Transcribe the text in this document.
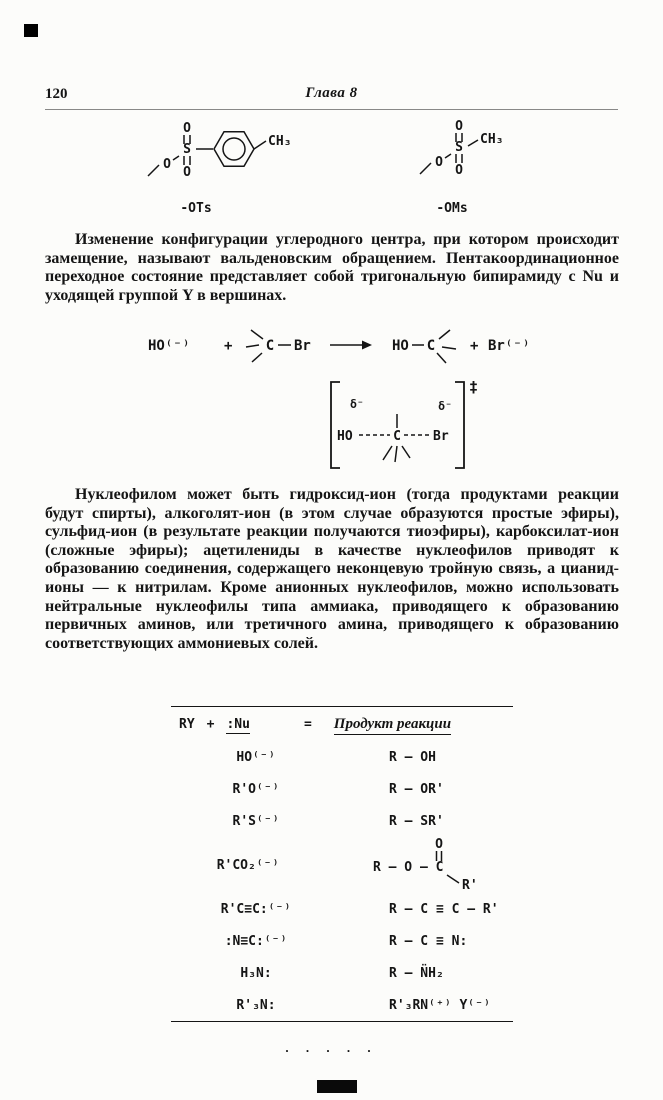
120	Глава 8
O
S
O
O
CH₃
-OTs
O
S
O
O
CH₃
-OMs

Изменение конфигурации углеродного центра, при котором происходит замещение, называют вальденовским обращением. Пентакоординационное переходное состояние представляет собой тригональную бипирамиду с Nu и уходящей группой Y в вершинах.

HO⁽⁻⁾ + C Br	HO C + Br⁽⁻⁾
‡
δ⁻	δ⁻
HO	C Br

Нуклеофилом может быть гидроксид-ион (тогда продуктами реакции будут спирты), алкоголят-ион (в этом случае образуются простые эфиры), сульфид-ион (в результате реакции получаются тиоэфиры), карбоксилат-ион (сложные эфиры); ацетилениды в качестве нуклеофилов приводят к образованию соединения, содержащего неконцевую тройную связь, а цианид-ионы — к нитрилам. Кроме анионных нуклеофилов, можно использовать нейтральные нуклеофилы типа аммиака, приводящего к образованию первичных аминов, или третичного амина, приводящего к образованию соответствующих аммониевых солей.

RY + :Nu	= Продукт реакции
HO⁽⁻⁾	R — OH
R'O⁽⁻⁾	R — OR'
R'S⁽⁻⁾	R — SR'
R'CO₂⁽⁻⁾	R — O — C
O
R'
R'C≡C:⁽⁻⁾	R — C ≡ C — R'
:N≡C:⁽⁻⁾	R — C ≡ N:
H₃N:	R — N̈H₂
R'₃N:	R'₃RN⁽⁺⁾ Y⁽⁻⁾
. . . . .
